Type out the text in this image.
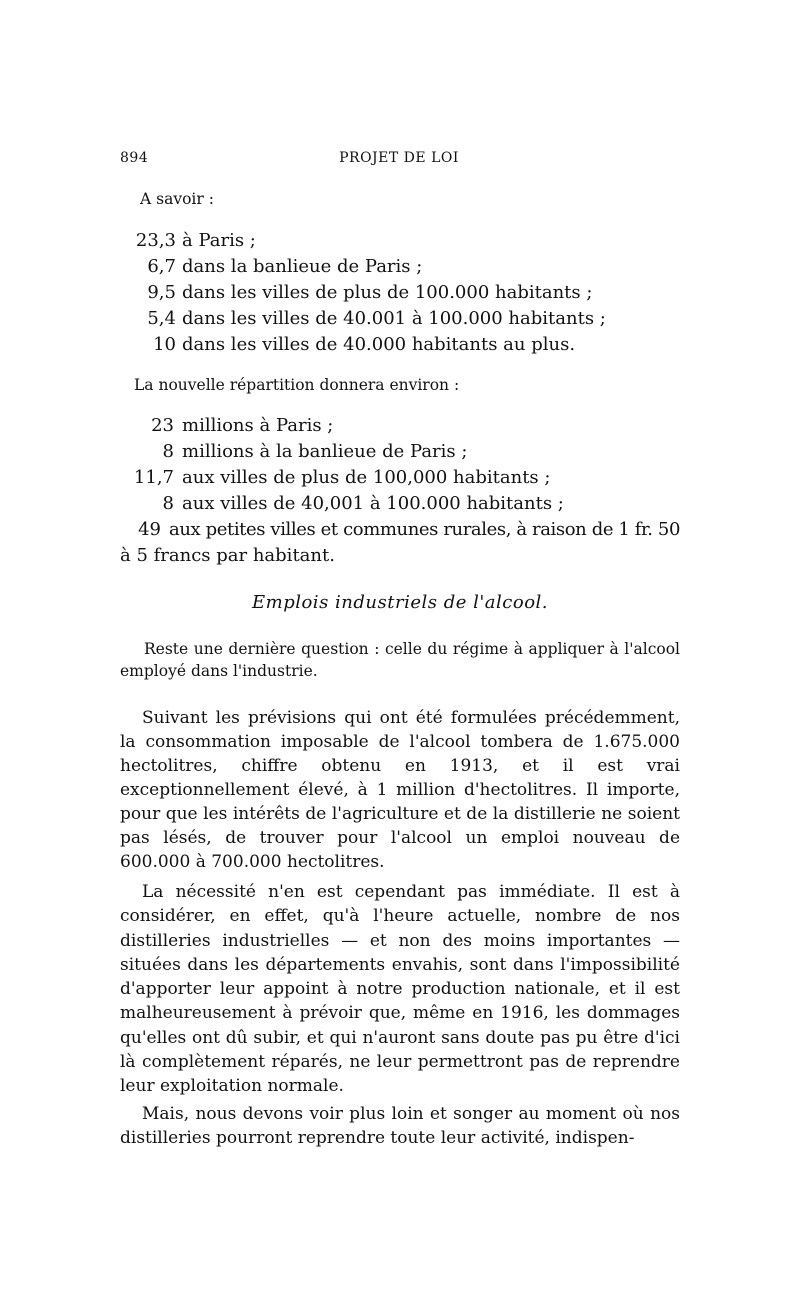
894	PROJET DE LOI
A savoir :
23,3 à Paris ;
6,7 dans la banlieue de Paris ;
9,5 dans les villes de plus de 100.000 habitants ;
5,4 dans les villes de 40.001 à 100.000 habitants ;
10 dans les villes de 40.000 habitants au plus.
La nouvelle répartition donnera environ :
23 millions à Paris ;
8 millions à la banlieue de Paris ;
11,7 aux villes de plus de 100,000 habitants ;
8 aux villes de 40,001 à 100.000 habitants ;
49 aux petites villes et communes rurales, à raison de 1 fr. 50
à 5 francs par habitant.
Emplois industriels de l'alcool.
Reste une dernière question : celle du régime à appliquer à l'alcool employé dans l'industrie.
Suivant les prévisions qui ont été formulées précédemment, la consommation imposable de l'alcool tombera de 1.675.000 hectolitres, chiffre obtenu en 1913, et il est vrai exceptionnellement élevé, à 1 million d'hectolitres. Il importe, pour que les intérêts de l'agriculture et de la distillerie ne soient pas lésés, de trouver pour l'alcool un emploi nouveau de 600.000 à 700.000 hectolitres.
La nécessité n'en est cependant pas immédiate. Il est à considérer, en effet, qu'à l'heure actuelle, nombre de nos distilleries industrielles — et non des moins importantes — situées dans les départements envahis, sont dans l'impossibilité d'apporter leur appoint à notre production nationale, et il est malheureusement à prévoir que, même en 1916, les dommages qu'elles ont dû subir, et qui n'auront sans doute pas pu être d'ici là complètement réparés, ne leur permettront pas de reprendre leur exploitation normale.
Mais, nous devons voir plus loin et songer au moment où nos distilleries pourront reprendre toute leur activité, indispen-
